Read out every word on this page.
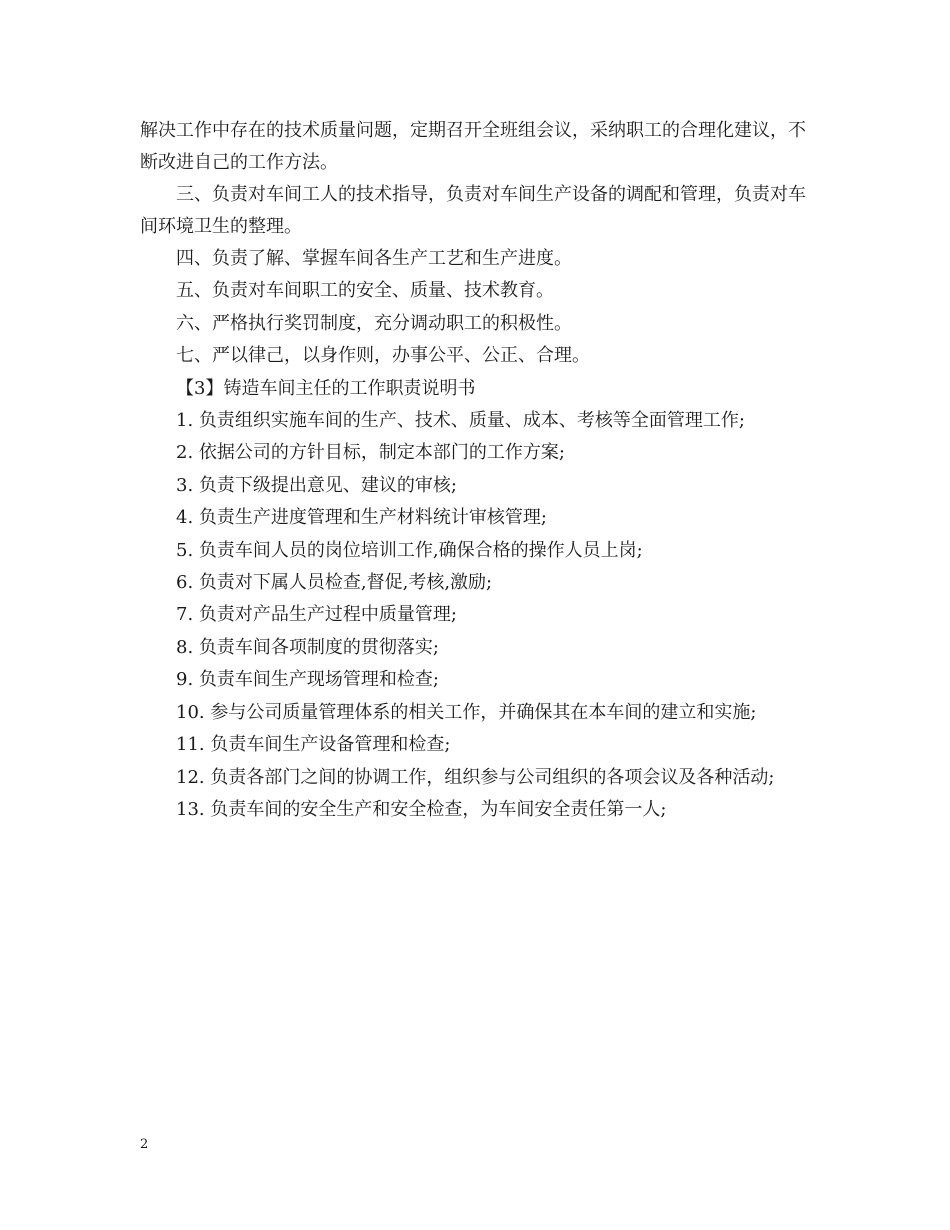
解决工作中存在的技术质量问题，定期召开全班组会议，采纳职工的合理化建议，不断改进自己的工作方法。

三、负责对车间工人的技术指导，负责对车间生产设备的调配和管理，负责对车间环境卫生的整理。

四、负责了解、掌握车间各生产工艺和生产进度。

五、负责对车间职工的安全、质量、技术教育。

六、严格执行奖罚制度，充分调动职工的积极性。

七、严以律己，以身作则，办事公平、公正、合理。

【3】铸造车间主任的工作职责说明书

1. 负责组织实施车间的生产、技术、质量、成本、考核等全面管理工作;

2. 依据公司的方针目标，制定本部门的工作方案;

3. 负责下级提出意见、建议的审核;

4. 负责生产进度管理和生产材料统计审核管理;

5. 负责车间人员的岗位培训工作,确保合格的操作人员上岗;

6. 负责对下属人员检查,督促,考核,激励;

7. 负责对产品生产过程中质量管理;

8. 负责车间各项制度的贯彻落实;

9. 负责车间生产现场管理和检查;

10. 参与公司质量管理体系的相关工作，并确保其在本车间的建立和实施;

11. 负责车间生产设备管理和检查;

12. 负责各部门之间的协调工作，组织参与公司组织的各项会议及各种活动;

13. 负责车间的安全生产和安全检查，为车间安全责任第一人;

2
